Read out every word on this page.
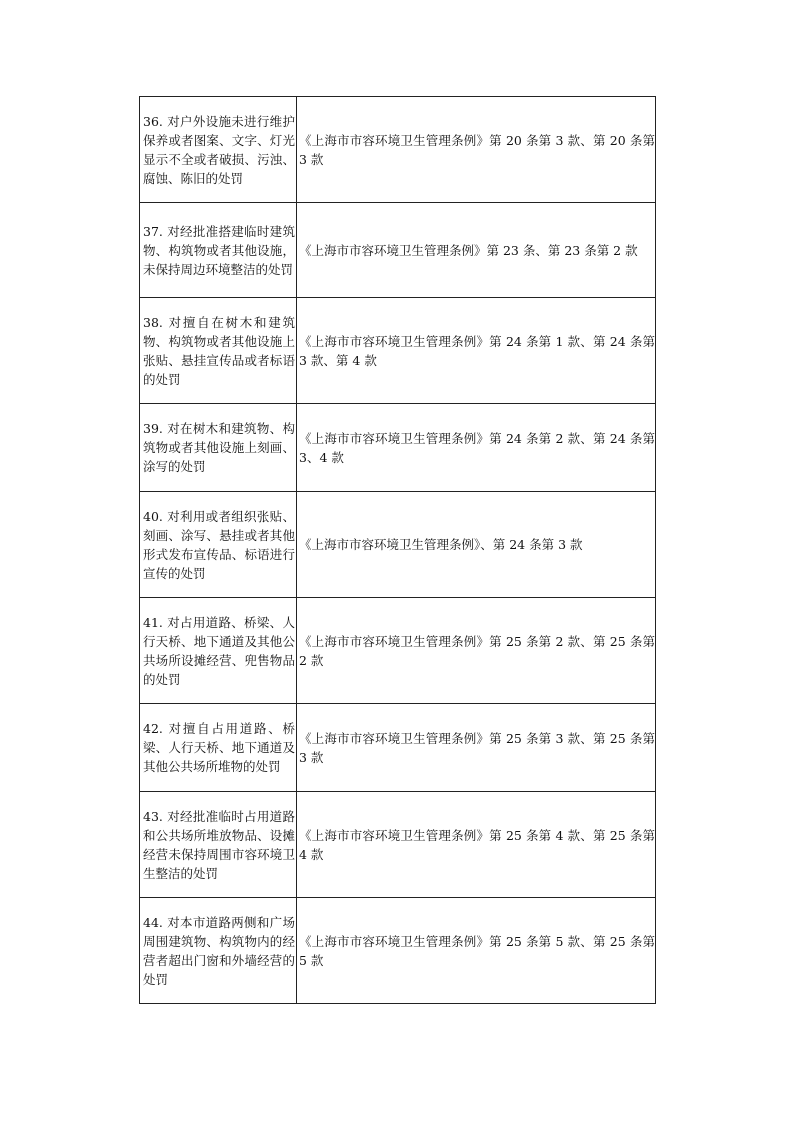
36. 对户外设施未进行维护保养或者图案、文字、灯光显示不全或者破损、污浊、腐蚀、陈旧的处罚	《上海市市容环境卫生管理条例》第 20 条第 3 款、第 20 条第 3 款

37. 对经批准搭建临时建筑物、构筑物或者其他设施，未保持周边环境整洁的处罚	《上海市市容环境卫生管理条例》第 23 条、第 23 条第 2 款

38. 对擅自在树木和建筑物、构筑物或者其他设施上张贴、悬挂宣传品或者标语的处罚	《上海市市容环境卫生管理条例》第 24 条第 1 款、第 24 条第 3 款、第 4 款

39. 对在树木和建筑物、构筑物或者其他设施上刻画、涂写的处罚	《上海市市容环境卫生管理条例》第 24 条第 2 款、第 24 条第 3、4 款

40. 对利用或者组织张贴、刻画、涂写、悬挂或者其他形式发布宣传品、标语进行宣传的处罚	《上海市市容环境卫生管理条例》、第 24 条第 3 款

41. 对占用道路、桥梁、人行天桥、地下通道及其他公共场所设摊经营、兜售物品的处罚	《上海市市容环境卫生管理条例》第 25 条第 2 款、第 25 条第 2 款

42. 对擅自占用道路、桥梁、人行天桥、地下通道及其他公共场所堆物的处罚	《上海市市容环境卫生管理条例》第 25 条第 3 款、第 25 条第 3 款

43. 对经批准临时占用道路和公共场所堆放物品、设摊经营未保持周围市容环境卫生整洁的处罚	《上海市市容环境卫生管理条例》第 25 条第 4 款、第 25 条第 4 款

44. 对本市道路两侧和广场周围建筑物、构筑物内的经营者超出门窗和外墙经营的处罚	《上海市市容环境卫生管理条例》第 25 条第 5 款、第 25 条第 5 款
